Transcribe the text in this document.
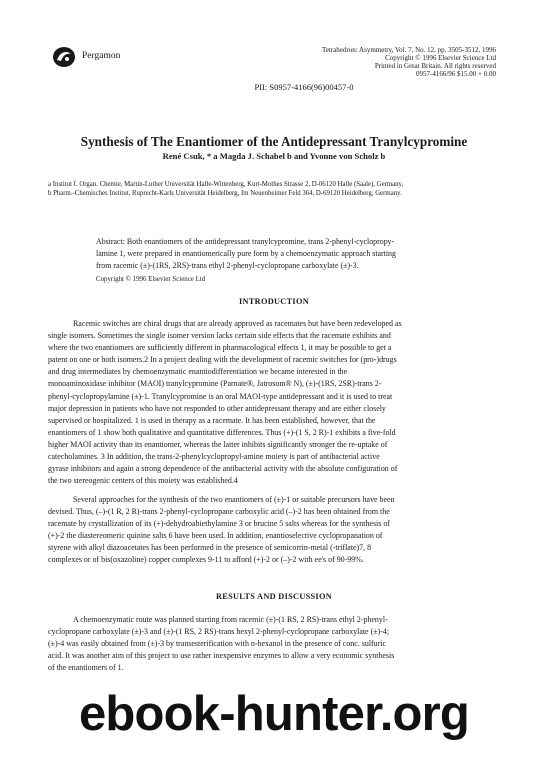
Pergamon
Tetrahedron: Asymmetry, Vol. 7, No. 12, pp. 3505-3512, 1996
Copyright © 1996 Elsevier Science Ltd
Printed in Great Britain. All rights reserved
0957-4166/96 $15.00 + 0.00
PII: S0957-4166(96)00457-0
Synthesis of The Enantiomer of the Antidepressant Tranylcypromine
René Csuk, * a Magda J. Schabel b and Yvonne von Scholz b
a Institut f. Organ. Chemie, Martin-Luther Universität Halle-Wittenberg, Kurt-Mothes Strasse 2, D-06120 Halle (Saale), Germany,
b Pharm.-Chemisches Institut, Ruprecht-Karls Universität Heidelberg, Im Neuenheimer Feld 364, D-69120 Heidelberg, Germany.
Abstract: Both enantiomers of the antidepressant tranylcypromine, trans 2-phenyl-cyclopropy-
lamine 1, were prepared in enantiomerically pure form by a chemoenzymatic approach starting
from racemic (±)-(1RS, 2RS)-trans ethyl 2-phenyl-cyclopropane carboxylate (±)-3.
Copyright © 1996 Elsevier Science Ltd
INTRODUCTION
Racemic switches are chiral drugs that are already approved as racemates but have been redeveloped as
single isomers. Sometimes the single isomer version lacks certain side effects that the racemate exhibits and
where the two enantiomers are sufficiently different in pharmacological effects 1, it may be possible to get a
patent on one or both isomers.2 In a project dealing with the development of racemic switches for (pro-)drugs
and drug intermediates by chemoenzymatic enantiodifferentiation we became interested in the
monoaminoxidase inhibitor (MAOI) tranylcypromine (Parnate®, Jatrosom® N), (±)-(1RS, 2SR)-trans 2-
phenyl-cyclopropylamine (±)-1. Tranylcypromine is an oral MAOI-type antidepressant and it is used to treat
major depression in patients who have not responded to other antidepressant therapy and are either closely
supervised or hospitalized. 1 is used in therapy as a racemate. It has been established, however, that the
enantiomers of 1 show both qualitative and quantitative differences. Thus (+)-(1 S, 2 R)-1 exhibits a five-fold
higher MAOI activity than its enantiomer, whereas the latter inhibits significantly stronger the re-uptake of
catecholamines. 3 In addition, the trans-2-phenylcyclopropyl-amine moiety is part of antibacterial active
gyrase inhibitors and again a strong dependence of the antibacterial activity with the absolute configuration of
the two stereogenic centers of this moiety was established.4
Several approaches for the synthesis of the two enantiomers of (±)-1 or suitable precursors have been
devised. Thus, (–)-(1 R, 2 R)-trans 2-phenyl-cyclopropane carboxylic acid (–)-2 has been obtained from the
racemate by crystallization of its (+)-dehydroabiethylamine 3 or brucine 5 salts whereas for the synthesis of
(+)-2 the diastereomeric quinine salts 6 have been used. In addition, enantioselective cyclopropanation of
styrene with alkyl diazoacetates has been performed in the presence of semicorrin-metal (-triflate)7, 8
complexes or of bis(oxazoline) copper complexes 9-11 to afford (+)-2 or (–)-2 with ee's of 90-99%.
RESULTS AND DISCUSSION
A chemoenzymatic route was planned starting from racemic (±)-(1 RS, 2 RS)-trans ethyl 2-phenyl-
cyclopropane carboxylate (±)-3 and (±)-(1 RS, 2 RS)-trans hexyl 2-phenyl-cyclopropane carboxylate (±)-4;
(±)-4 was easily obtained from (±)-3 by transesterification with n-hexanol in the presence of conc. sulfuric
acid. It was another aim of this project to use rather inexpensive enzymes to allow a very economic synthesis
of the enantiomers of 1.
ebook-hunter.org
